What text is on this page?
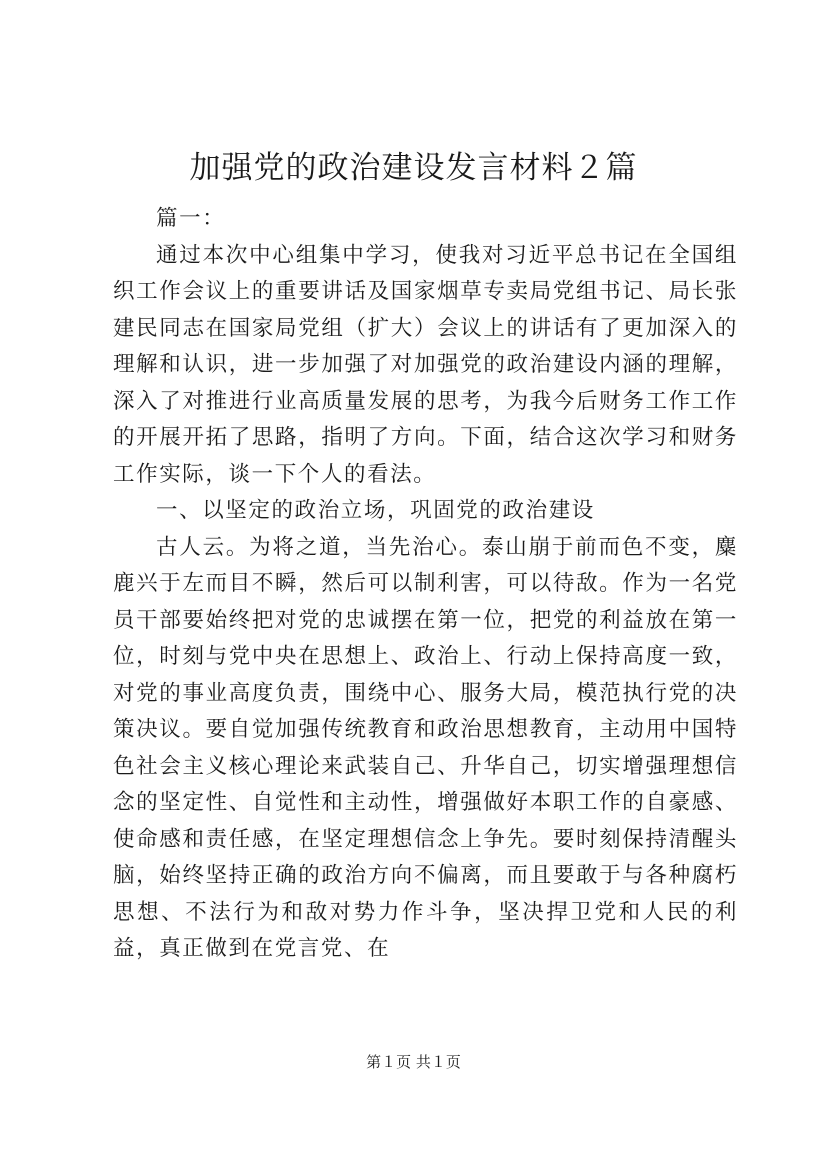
加强党的政治建设发言材料２篇

篇一：

通过本次中心组集中学习，使我对习近平总书记在全国组织工作会议上的重要讲话及国家烟草专卖局党组书记、局长张建民同志在国家局党组（扩大）会议上的讲话有了更加深入的理解和认识，进一步加强了对加强党的政治建设内涵的理解，深入了对推进行业高质量发展的思考，为我今后财务工作工作的开展开拓了思路，指明了方向。下面，结合这次学习和财务工作实际，谈一下个人的看法。

一、以坚定的政治立场，巩固党的政治建设

古人云。为将之道，当先治心。泰山崩于前而色不变，麋鹿兴于左而目不瞬，然后可以制利害，可以待敌。作为一名党员干部要始终把对党的忠诚摆在第一位，把党的利益放在第一位，时刻与党中央在思想上、政治上、行动上保持高度一致，对党的事业高度负责，围绕中心、服务大局，模范执行党的决策决议。要自觉加强传统教育和政治思想教育，主动用中国特色社会主义核心理论来武装自己、升华自己，切实增强理想信念的坚定性、自觉性和主动性，增强做好本职工作的自豪感、使命感和责任感，在坚定理想信念上争先。要时刻保持清醒头脑，始终坚持正确的政治方向不偏离，而且要敢于与各种腐朽思想、不法行为和敌对势力作斗争，坚决捍卫党和人民的利益，真正做到在党言党、在

第１页 共１页
